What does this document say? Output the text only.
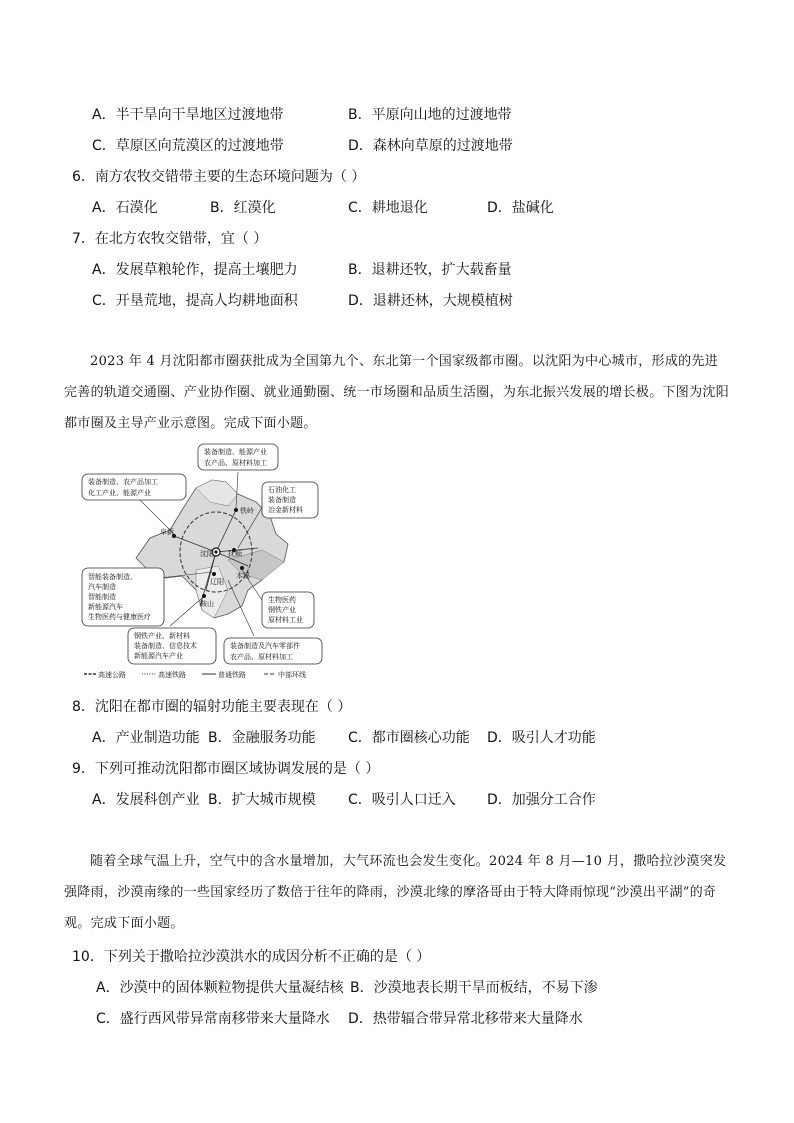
A．半干旱向干旱地区过渡地带	B．平原向山地的过渡地带
C．草原区向荒漠区的过渡地带	D．森林向草原的过渡地带
6．南方农牧交错带主要的生态环境问题为（ ）
A．石漠化	B．红漠化	C．耕地退化	D．盐碱化
7．在北方农牧交错带，宜（ ）
A．发展草粮轮作，提高土壤肥力	B．退耕还牧，扩大载畜量
C．开垦荒地，提高人均耕地面积	D．退耕还林，大规模植树
2023 年 4 月沈阳都市圈获批成为全国第九个、东北第一个国家级都市圈。以沈阳为中心城市，形成的先进完善的轨道交通圈、产业协作圈、就业通勤圈、统一市场圈和品质生活圈，为东北振兴发展的增长极。下图为沈阳都市圈及主导产业示意图。完成下面小题。
铁岭
阜新
沈阳 抚顺
本溪
辽阳
鞍山
装备制造、能源产业
农产品、原材料加工
装备制造、农产品加工
化工产业、能源产业	石油化工
装备制造
冶金新材料
智能装备制造、
汽车制造
智能制造
新能源汽车
生物医药与健康医疗
生物医药
钢铁产业
原材料工业
钢铁产业、新材料
装备制造、信息技术
新能源汽车产业
装备制造及汽车零部件
农产品、原材料加工
高速公路	高速铁路	普通铁路	中部环线
8．沈阳在都市圈的辐射功能主要表现在（ ）
A．产业制造功能 B．金融服务功能 C．都市圈核心功能 D．吸引人才功能
9．下列可推动沈阳都市圈区域协调发展的是（ ）
A．发展科创产业 B．扩大城市规模 C．吸引人口迁入 D．加强分工合作
随着全球气温上升，空气中的含水量增加，大气环流也会发生变化。2024 年 8 月—10 月，撒哈拉沙漠突发强降雨，沙漠南缘的一些国家经历了数倍于往年的降雨，沙漠北缘的摩洛哥由于特大降雨惊现“沙漠出平湖”的奇观。完成下面小题。
10．下列关于撒哈拉沙漠洪水的成因分析不正确的是（ ）
A．沙漠中的固体颗粒物提供大量凝结核 B．沙漠地表长期干旱而板结，不易下渗
C．盛行西风带异常南移带来大量降水 D．热带辐合带异常北移带来大量降水
